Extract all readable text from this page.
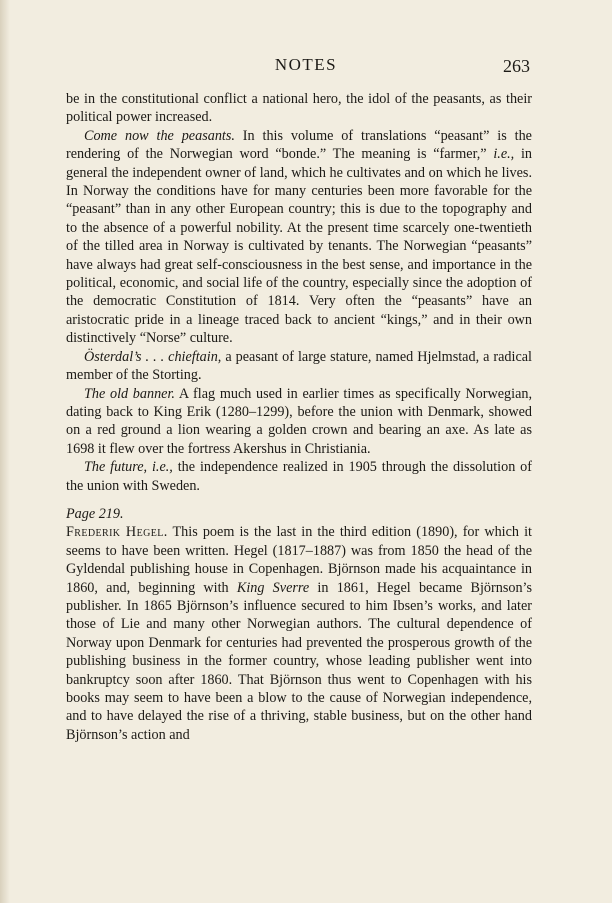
NOTES	263

be in the constitutional conflict a national hero, the idol of the peasants, as their political power increased.

Come now the peasants. In this volume of translations “peasant” is the rendering of the Norwegian word “bonde.” The meaning is “farmer,” i.e., in general the independent owner of land, which he cultivates and on which he lives. In Norway the conditions have for many centuries been more favorable for the “peasant” than in any other European country; this is due to the topography and to the absence of a powerful nobility. At the present time scarcely one-twentieth of the tilled area in Norway is cultivated by tenants. The Norwegian “peasants” have always had great self-consciousness in the best sense, and importance in the political, economic, and social life of the country, especially since the adoption of the democratic Constitution of 1814. Very often the “peasants” have an aristocratic pride in a lineage traced back to ancient “kings,” and in their own distinctively “Norse” culture.

Österdal’s . . . chieftain, a peasant of large stature, named Hjelmstad, a radical member of the Storting.

The old banner. A flag much used in earlier times as specifically Norwegian, dating back to King Erik (1280–1299), before the union with Denmark, showed on a red ground a lion wearing a golden crown and bearing an axe. As late as 1698 it flew over the fortress Akershus in Christiania.

The future, i.e., the independence realized in 1905 through the dissolution of the union with Sweden.

Page 219.

Frederik Hegel. This poem is the last in the third edition (1890), for which it seems to have been written. Hegel (1817–1887) was from 1850 the head of the Gyldendal publishing house in Copenhagen. Björnson made his acquaintance in 1860, and, beginning with King Sverre in 1861, Hegel became Björnson’s publisher. In 1865 Björnson’s influence secured to him Ibsen’s works, and later those of Lie and many other Norwegian authors. The cultural dependence of Norway upon Denmark for centuries had prevented the prosperous growth of the publishing business in the former country, whose leading publisher went into bankruptcy soon after 1860. That Björnson thus went to Copenhagen with his books may seem to have been a blow to the cause of Norwegian independence, and to have delayed the rise of a thriving, stable business, but on the other hand Björnson’s action and
